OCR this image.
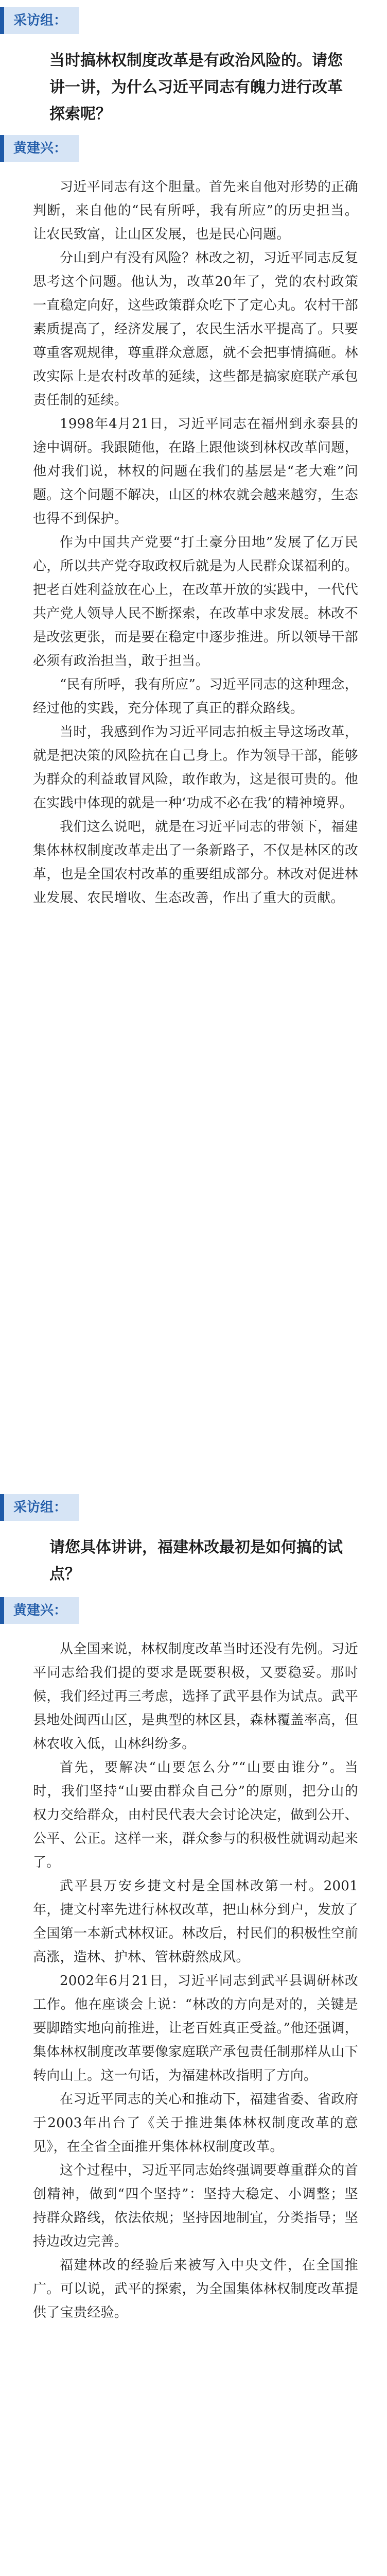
采访组：

当时搞林权制度改革是有政治风险的。请您讲一讲，为什么习近平同志有魄力进行改革探索呢？

黄建兴：

习近平同志有这个胆量。首先来自他对形势的正确判断，来自他的“民有所呼，我有所应”的历史担当。让农民致富，让山区发展，也是民心问题。

分山到户有没有风险？林改之初，习近平同志反复思考这个问题。他认为，改革20年了，党的农村政策一直稳定向好，这些政策群众吃下了定心丸。农村干部素质提高了，经济发展了，农民生活水平提高了。只要尊重客观规律，尊重群众意愿，就不会把事情搞砸。林改实际上是农村改革的延续，这些都是搞家庭联产承包责任制的延续。

1998年4月21日，习近平同志在福州到永泰县的途中调研。我跟随他，在路上跟他谈到林权改革问题，他对我们说，林权的问题在我们的基层是“老大难”问题。这个问题不解决，山区的林农就会越来越穷，生态也得不到保护。

作为中国共产党要“打土豪分田地”发展了亿万民心，所以共产党夺取政权后就是为人民群众谋福利的。把老百姓利益放在心上，在改革开放的实践中，一代代共产党人领导人民不断探索，在改革中求发展。林改不是改弦更张，而是要在稳定中逐步推进。所以领导干部必须有政治担当，敢于担当。

“民有所呼，我有所应”。习近平同志的这种理念，经过他的实践，充分体现了真正的群众路线。

当时，我感到作为习近平同志拍板主导这场改革，就是把决策的风险抗在自己身上。作为领导干部，能够为群众的利益敢冒风险，敢作敢为，这是很可贵的。他在实践中体现的就是一种‘功成不必在我’的精神境界。

我们这么说吧，就是在习近平同志的带领下，福建集体林权制度改革走出了一条新路子，不仅是林区的改革，也是全国农村改革的重要组成部分。林改对促进林业发展、农民增收、生态改善，作出了重大的贡献。

采访组：

请您具体讲讲，福建林改最初是如何搞的试点？

黄建兴：

从全国来说，林权制度改革当时还没有先例。习近平同志给我们提的要求是既要积极，又要稳妥。那时候，我们经过再三考虑，选择了武平县作为试点。武平县地处闽西山区，是典型的林区县，森林覆盖率高，但林农收入低，山林纠纷多。

首先，要解决“山要怎么分”“山要由谁分”。当时，我们坚持“山要由群众自己分”的原则，把分山的权力交给群众，由村民代表大会讨论决定，做到公开、公平、公正。这样一来，群众参与的积极性就调动起来了。

武平县万安乡捷文村是全国林改第一村。2001年，捷文村率先进行林权改革，把山林分到户，发放了全国第一本新式林权证。林改后，村民们的积极性空前高涨，造林、护林、管林蔚然成风。

2002年6月21日，习近平同志到武平县调研林改工作。他在座谈会上说：“林改的方向是对的，关键是要脚踏实地向前推进，让老百姓真正受益。”他还强调，集体林权制度改革要像家庭联产承包责任制那样从山下转向山上。这一句话，为福建林改指明了方向。

在习近平同志的关心和推动下，福建省委、省政府于2003年出台了《关于推进集体林权制度改革的意见》，在全省全面推开集体林权制度改革。

这个过程中，习近平同志始终强调要尊重群众的首创精神，做到“四个坚持”：坚持大稳定、小调整；坚持群众路线，依法依规；坚持因地制宜，分类指导；坚持边改边完善。

福建林改的经验后来被写入中央文件，在全国推广。可以说，武平的探索，为全国集体林权制度改革提供了宝贵经验。
